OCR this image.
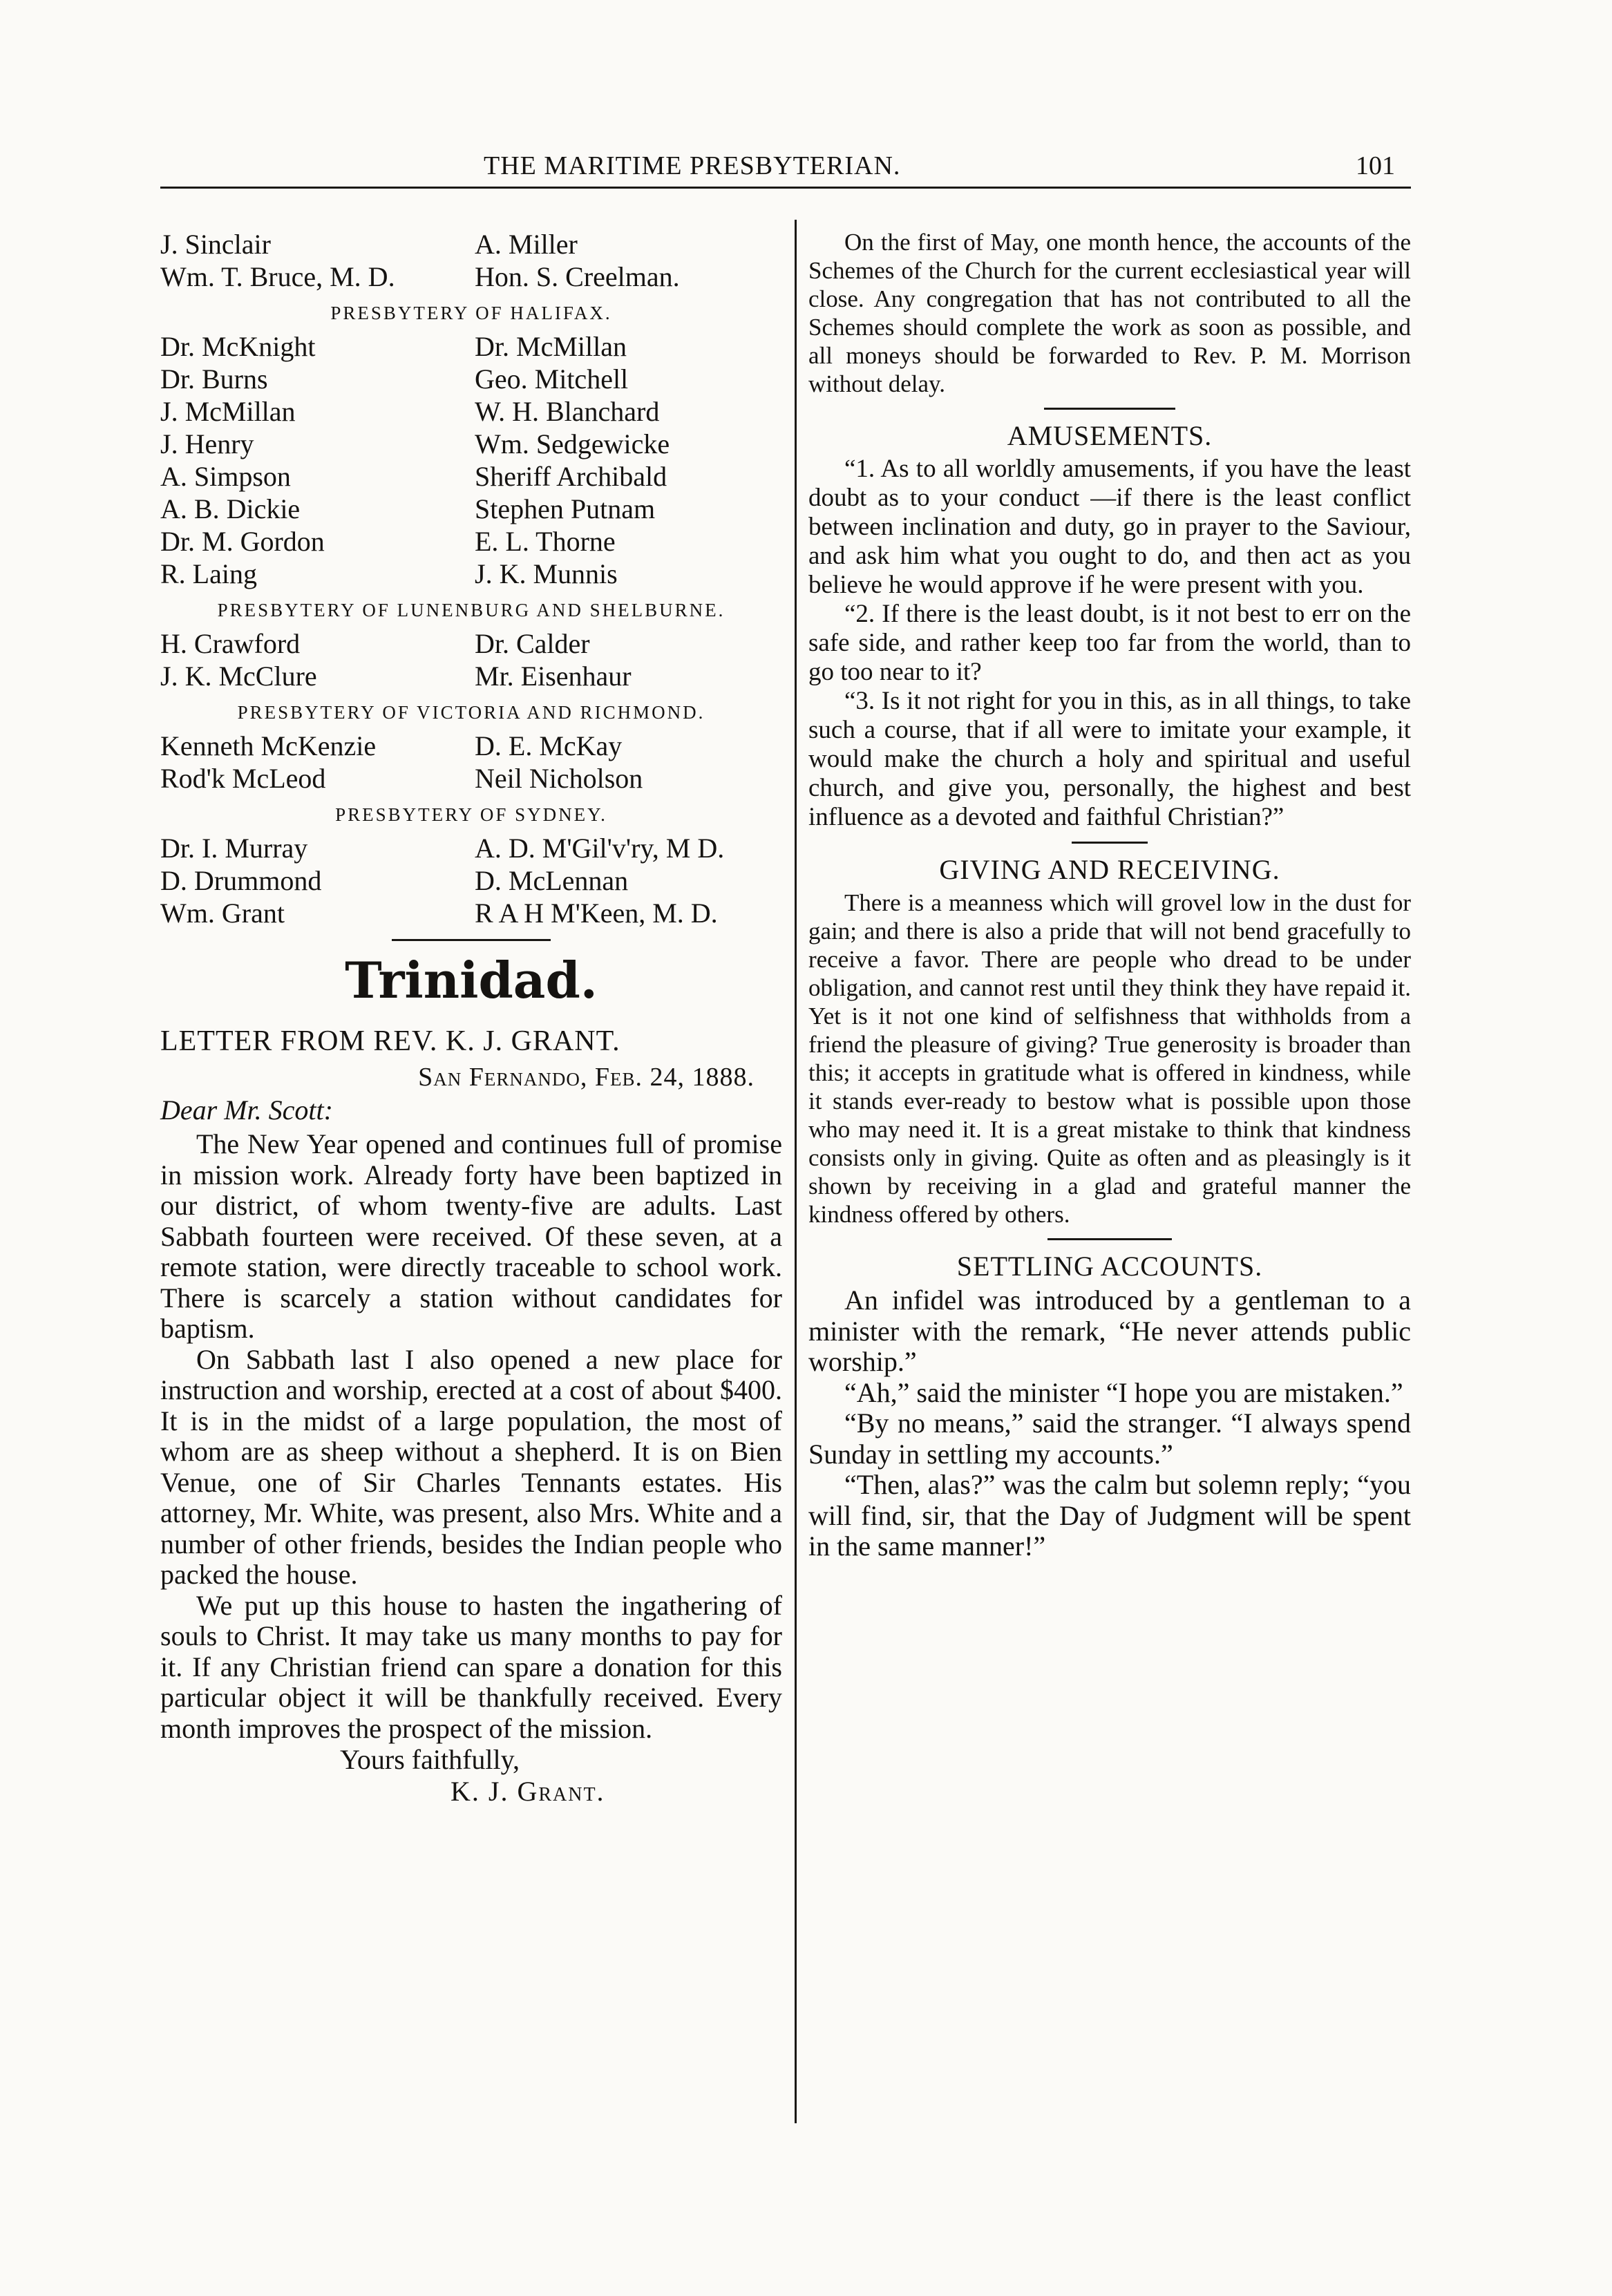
THE MARITIME PRESBYTERIAN.	101
J. Sinclair	A. Miller
Wm. T. Bruce, M. D.	Hon. S. Creelman.
PRESBYTERY OF HALIFAX.
Dr. McKnight	Dr. McMillan
Dr. Burns	Geo. Mitchell
J. McMillan	W. H. Blanchard
J. Henry	Wm. Sedgewicke
A. Simpson	Sheriff Archibald
A. B. Dickie	Stephen Putnam
Dr. M. Gordon	E. L. Thorne
R. Laing	J. K. Munnis
PRESBYTERY OF LUNENBURG AND SHELBURNE.
H. Crawford	Dr. Calder
J. K. McClure	Mr. Eisenhaur
PRESBYTERY OF VICTORIA AND RICHMOND.
Kenneth McKenzie	D. E. McKay
Rod'k McLeod	Neil Nicholson
PRESBYTERY OF SYDNEY.
Dr. I. Murray	A. D. M'Gil'v'ry, M D.
D. Drummond	D. McLennan
Wm. Grant	R A H M'Keen, M. D.
Trinidad.
LETTER FROM REV. K. J. GRANT.
San Fernando, Feb. 24, 1888.
Dear Mr. Scott:

The New Year opened and continues full of promise in mission work. Already forty have been baptized in our district, of whom twenty-five are adults. Last Sabbath fourteen were received. Of these seven, at a remote station, were directly traceable to school work. There is scarcely a station without candidates for baptism.

On Sabbath last I also opened a new place for instruction and worship, erected at a cost of about $400. It is in the midst of a large population, the most of whom are as sheep without a shepherd. It is on Bien Venue, one of Sir Charles Tennants estates. His attorney, Mr. White, was present, also Mrs. White and a number of other friends, besides the Indian people who packed the house.

We put up this house to hasten the ingathering of souls to Christ. It may take us many months to pay for it. If any Christian friend can spare a donation for this particular object it will be thankfully received. Every month improves the prospect of the mission.

Yours faithfully,
K. J. Grant.

On the first of May, one month hence, the accounts of the Schemes of the Church for the current ecclesiastical year will close. Any congregation that has not contributed to all the Schemes should complete the work as soon as possible, and all moneys should be forwarded to Rev. P. M. Morrison without delay.

AMUSEMENTS.

“1. As to all worldly amusements, if you have the least doubt as to your conduct —if there is the least conflict between inclination and duty, go in prayer to the Saviour, and ask him what you ought to do, and then act as you believe he would approve if he were present with you.

“2. If there is the least doubt, is it not best to err on the safe side, and rather keep too far from the world, than to go too near to it?

“3. Is it not right for you in this, as in all things, to take such a course, that if all were to imitate your example, it would make the church a holy and spiritual and useful church, and give you, personally, the highest and best influence as a devoted and faithful Christian?”

GIVING AND RECEIVING.

There is a meanness which will grovel low in the dust for gain; and there is also a pride that will not bend gracefully to receive a favor. There are people who dread to be under obligation, and cannot rest until they think they have repaid it. Yet is it not one kind of selfishness that withholds from a friend the pleasure of giving? True generosity is broader than this; it accepts in gratitude what is offered in kindness, while it stands ever-ready to bestow what is possible upon those who may need it. It is a great mistake to think that kindness consists only in giving. Quite as often and as pleasingly is it shown by receiving in a glad and grateful manner the kindness offered by others.

SETTLING ACCOUNTS.

An infidel was introduced by a gentleman to a minister with the remark, “He never attends public worship.”

“Ah,” said the minister “I hope you are mistaken.”

“By no means,” said the stranger. “I always spend Sunday in settling my accounts.”

“Then, alas?” was the calm but solemn reply; “you will find, sir, that the Day of Judgment will be spent in the same manner!”
